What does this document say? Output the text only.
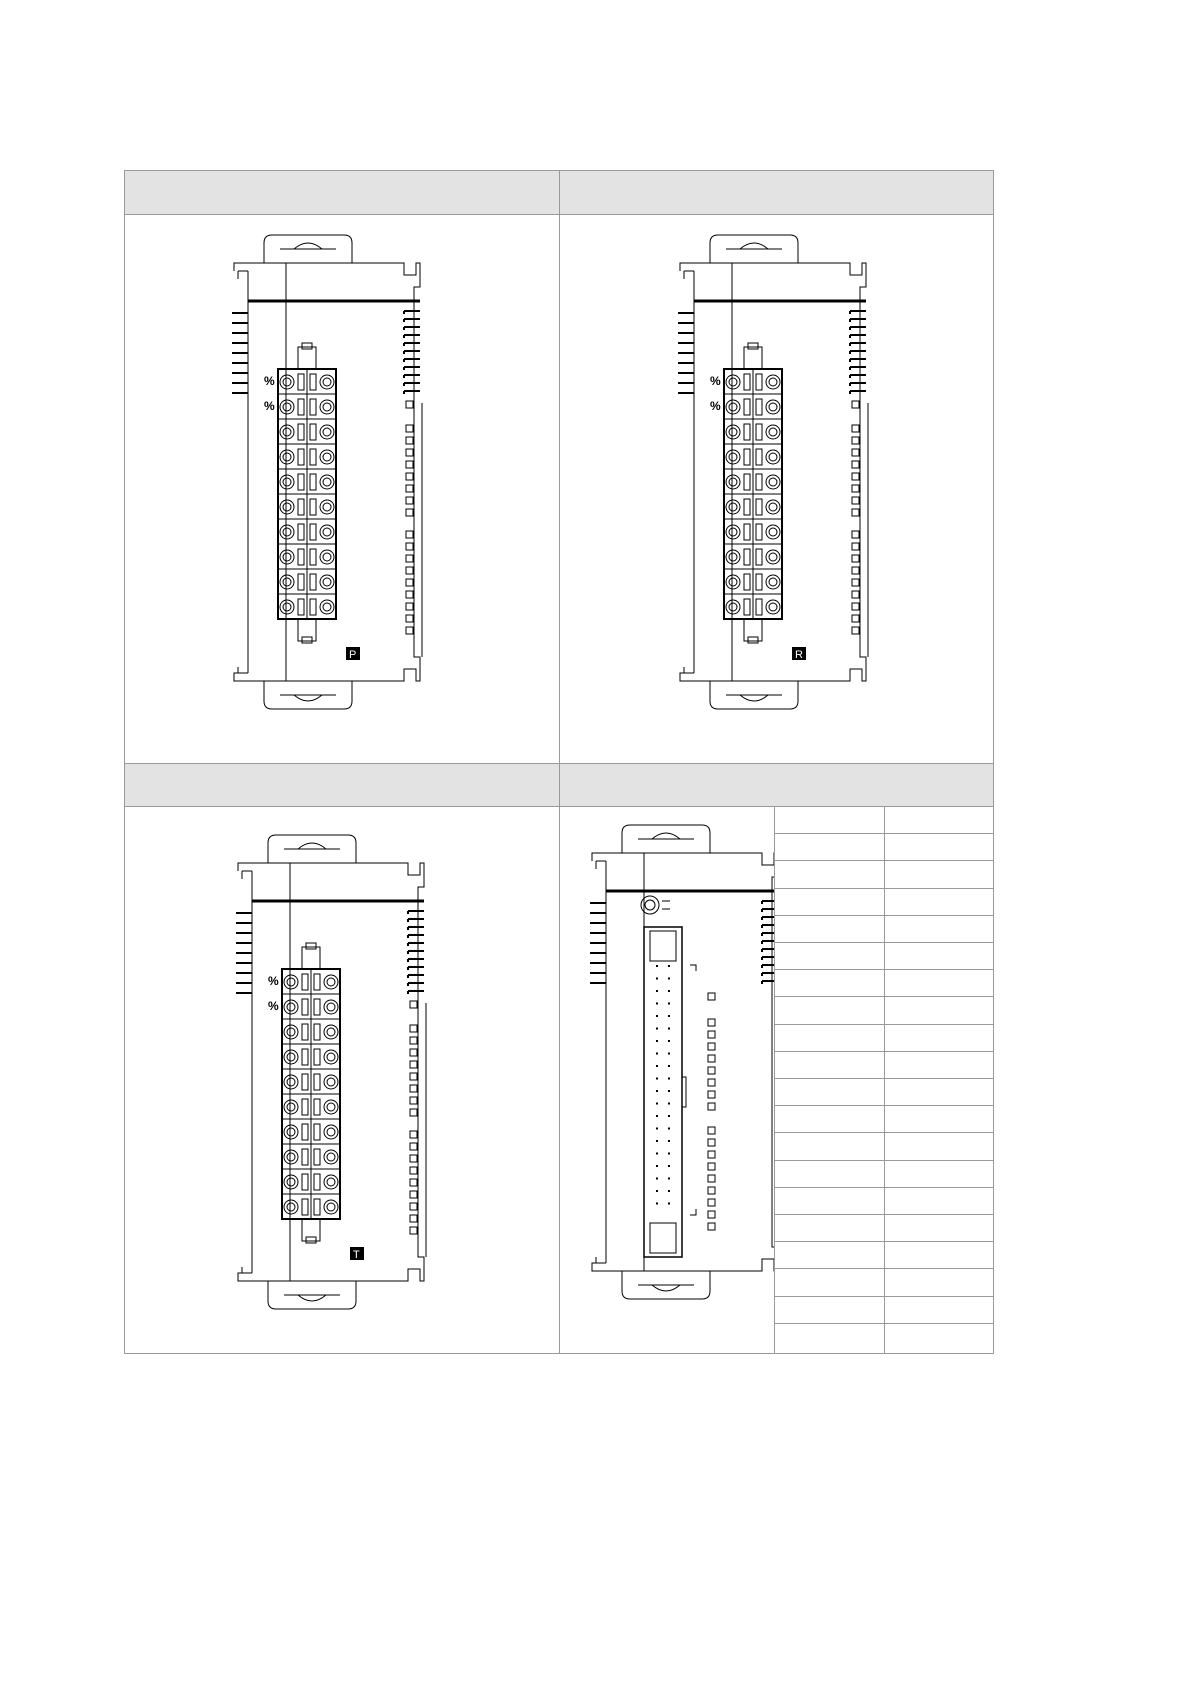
%
%
P
%
%
R
%
%
T
